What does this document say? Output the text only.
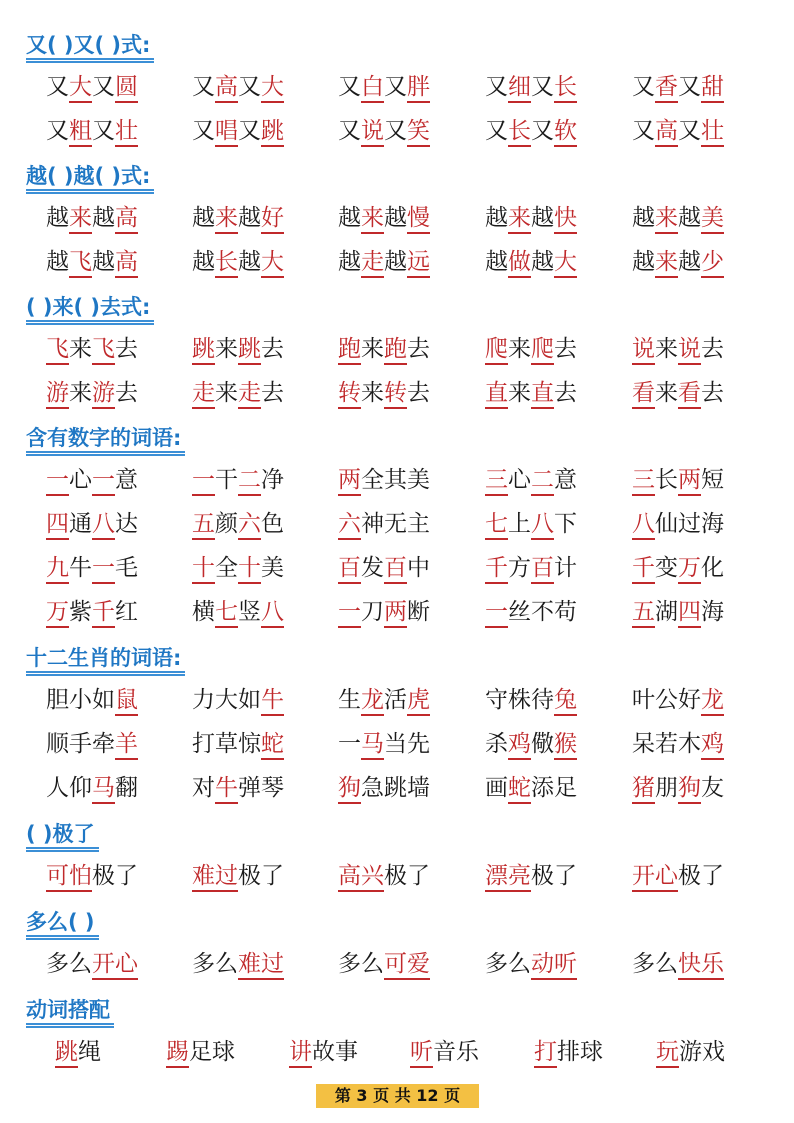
又( )又( )式:
又大又圆 又高又大 又白又胖 又细又长 又香又甜
又粗又壮 又唱又跳 又说又笑 又长又软 又高又壮
越( )越( )式:
越来越高 越来越好 越来越慢 越来越快 越来越美
越飞越高 越长越大 越走越远 越做越大 越来越少
( )来( )去式:
飞来飞去 跳来跳去 跑来跑去 爬来爬去 说来说去
游来游去 走来走去 转来转去 直来直去 看来看去
含有数字的词语:
一心一意 一干二净 两全其美 三心二意 三长两短
四通八达 五颜六色 六神无主 七上八下 八仙过海
九牛一毛 十全十美 百发百中 千方百计 千变万化
万紫千红 横七竖八 一刀两断 一丝不苟 五湖四海
十二生肖的词语:
胆小如鼠 力大如牛 生龙活虎 守株待兔 叶公好龙
顺手牵羊 打草惊蛇 一马当先 杀鸡儆猴 呆若木鸡
人仰马翻 对牛弹琴 狗急跳墙 画蛇添足 猪朋狗友
( )极了
可怕极了 难过极了 高兴极了 漂亮极了 开心极了
多么( )
多么开心 多么难过 多么可爱 多么动听 多么快乐
动词搭配
跳绳	踢足球 讲故事 听音乐 打排球 玩游戏
第 3 页 共 12 页
